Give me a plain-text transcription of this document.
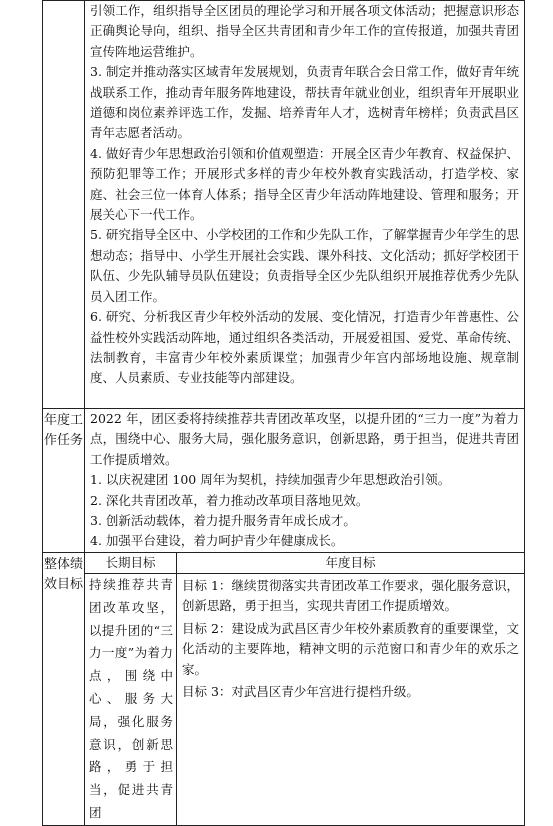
	引领工作，组织指导全区团员的理论学习和开展各项文体活动；把握意识形态正确舆论导向，组织、指导全区共青团和青少年工作的宣传报道，加强共青团宣传阵地运营维护。

3. 制定并推动落实区域青年发展规划，负责青年联合会日常工作，做好青年统战联系工作，推动青年服务阵地建设，帮扶青年就业创业，组织青年开展职业道德和岗位素养评选工作，发掘、培养青年人才，选树青年榜样；负责武昌区青年志愿者活动。

4. 做好青少年思想政治引领和价值观塑造：开展全区青少年教育、权益保护、预防犯罪等工作；开展形式多样的青少年校外教育实践活动，打造学校、家庭、社会三位一体育人体系；指导全区青少年活动阵地建设、管理和服务；开展关心下一代工作。

5. 研究指导全区中、小学校团的工作和少先队工作，了解掌握青少年学生的思想动态；指导中、小学生开展社会实践、课外科技、文化活动；抓好学校团干队伍、少先队辅导员队伍建设；负责指导全区少先队组织开展推荐优秀少先队员入团工作。

6. 研究、分析我区青少年校外活动的发展、变化情况，打造青少年普惠性、公益性校外实践活动阵地，通过组织各类活动，开展爱祖国、爱党、革命传统、法制教育，丰富青少年校外素质课堂；加强青少年宫内部场地设施、规章制度、人员素质、专业技能等内部建设。	

年度工作任务	2022 年，团区委将持续推荐共青团改革攻坚，以提升团的“三力一度”为着力点，围绕中心、服务大局，强化服务意识，创新思路，勇于担当，促进共青团工作提质增效。

1. 以庆祝建团 100 周年为契机，持续加强青少年思想政治引领。

2. 深化共青团改革，着力推动改革项目落地见效。

3. 创新活动载体，着力提升服务青年成长成才。

4. 加强平台建设，着力呵护青少年健康成长。	

整体绩效目标	长期目标	年度目标

	持续推荐共青团改革攻坚，以提升团的“三力一度”为着力点，围绕中心、服务大局，强化服务意识，创新思路，勇于担当，促进共青团	目标 1：继续贯彻落实共青团改革工作要求，强化服务意识，创新思路，勇于担当，实现共青团工作提质增效。

目标 2：建设成为武昌区青少年校外素质教育的重要课堂，文化活动的主要阵地，精神文明的示范窗口和青少年的欢乐之家。

目标 3：对武昌区青少年宫进行提档升级。
